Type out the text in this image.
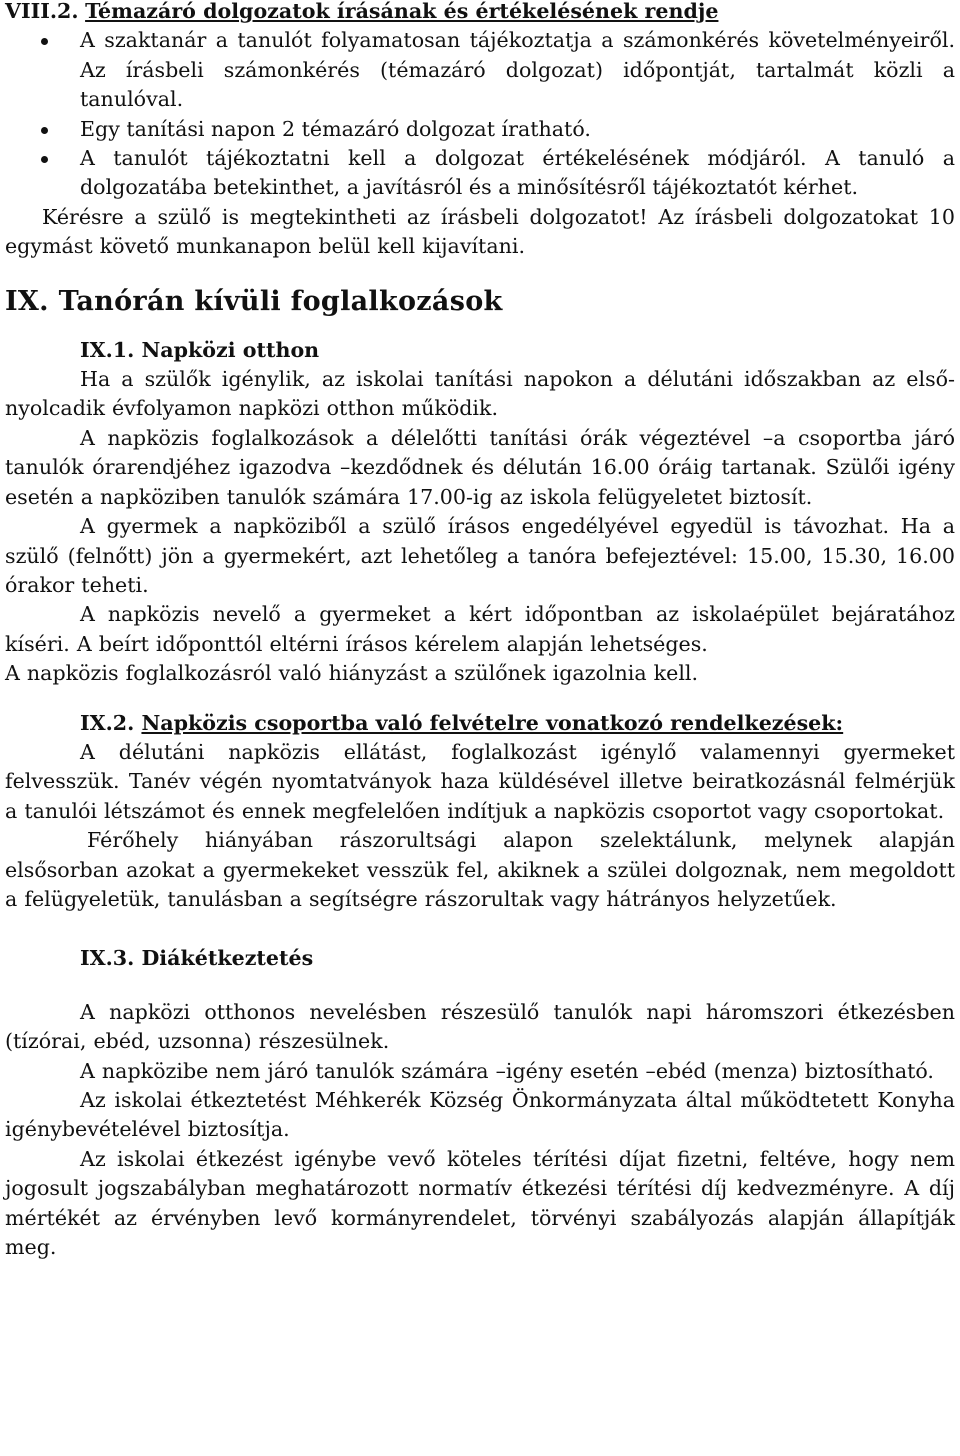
VIII.2. Témazáró dolgozatok írásának és értékelésének rendje

A szaktanár a tanulót folyamatosan tájékoztatja a számonkérés követelményeiről. Az írásbeli számonkérés (témazáró dolgozat) időpontját, tartalmát közli a tanulóval.
Egy tanítási napon 2 témazáró dolgozat íratható.
A tanulót tájékoztatni kell a dolgozat értékelésének módjáról. A tanuló a dolgozatába betekinthet, a javításról és a minősítésről tájékoztatót kérhet.

Kérésre a szülő is megtekintheti az írásbeli dolgozatot! Az írásbeli dolgozatokat 10 egymást követő munkanapon belül kell kijavítani.

IX. Tanórán kívüli foglalkozások

IX.1. Napközi otthon

Ha a szülők igénylik, az iskolai tanítási napokon a délutáni időszakban az első-nyolcadik évfolyamon napközi otthon működik.

A napközis foglalkozások a délelőtti tanítási órák végeztével –a csoportba járó tanulók órarendjéhez igazodva –kezdődnek és délután 16.00 óráig tartanak. Szülői igény esetén a napköziben tanulók számára 17.00-ig az iskola felügyeletet biztosít.

A gyermek a napköziből a szülő írásos engedélyével egyedül is távozhat. Ha a szülő (felnőtt) jön a gyermekért, azt lehetőleg a tanóra befejeztével: 15.00, 15.30, 16.00 órakor teheti.

A napközis nevelő a gyermeket a kért időpontban az iskolaépület bejáratához kíséri. A beírt időponttól eltérni írásos kérelem alapján lehetséges.

A napközis foglalkozásról való hiányzást a szülőnek igazolnia kell.

IX.2. Napközis csoportba való felvételre vonatkozó rendelkezések:

A délutáni napközis ellátást, foglalkozást igénylő valamennyi gyermeket felvesszük. Tanév végén nyomtatványok haza küldésével illetve beiratkozásnál felmérjük a tanulói létszámot és ennek megfelelően indítjuk a napközis csoportot vagy csoportokat.

Férőhely hiányában rászorultsági alapon szelektálunk, melynek alapján elsősorban azokat a gyermekeket vesszük fel, akiknek a szülei dolgoznak, nem megoldott a felügyeletük, tanulásban a segítségre rászorultak vagy hátrányos helyzetűek.

IX.3. Diákétkeztetés

A napközi otthonos nevelésben részesülő tanulók napi háromszori étkezésben (tízórai, ebéd, uzsonna) részesülnek.

A napközibe nem járó tanulók számára –igény esetén –ebéd (menza) biztosítható.

Az iskolai étkeztetést Méhkerék Község Önkormányzata által működtetett Konyha igénybevételével biztosítja.

Az iskolai étkezést igénybe vevő köteles térítési díjat fizetni, feltéve, hogy nem jogosult jogszabályban meghatározott normatív étkezési térítési díj kedvezményre. A díj mértékét az érvényben levő kormányrendelet, törvényi szabályozás alapján állapítják meg.
